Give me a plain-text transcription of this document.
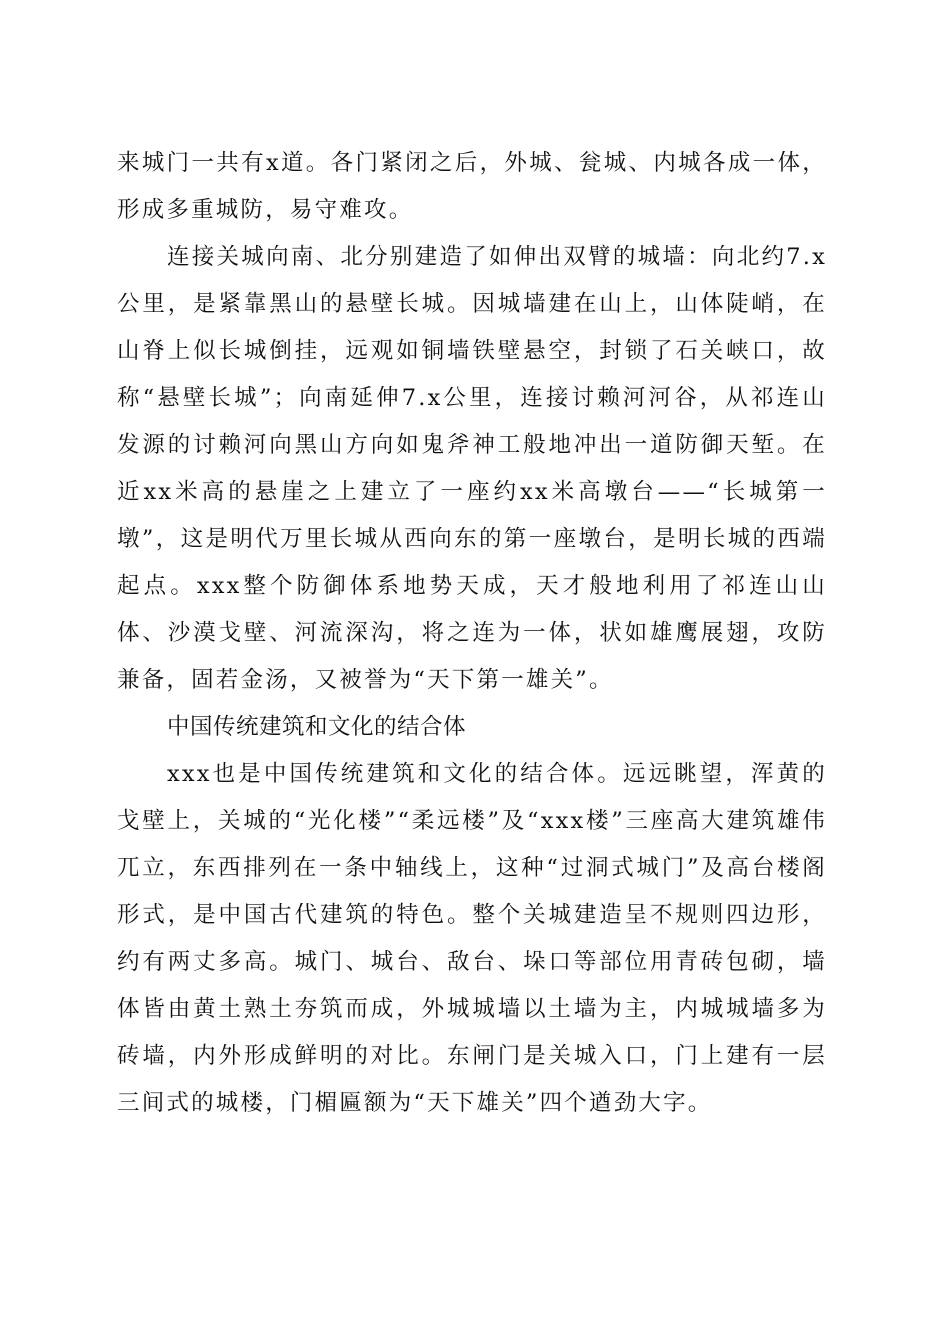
来城门一共有x道。各门紧闭之后，外城、瓮城、内城各成一体，形成多重城防，易守难攻。

连接关城向南、北分别建造了如伸出双臂的城墙：向北约7.x公里，是紧靠黑山的悬壁长城。因城墙建在山上，山体陡峭，在山脊上似长城倒挂，远观如铜墙铁壁悬空，封锁了石关峡口，故称“悬壁长城”；向南延伸7.x公里，连接讨赖河河谷，从祁连山发源的讨赖河向黑山方向如鬼斧神工般地冲出一道防御天堑。在近xx米高的悬崖之上建立了一座约xx米高墩台——“长城第一墩”，这是明代万里长城从西向东的第一座墩台，是明长城的西端起点。xxx整个防御体系地势天成，天才般地利用了祁连山山体、沙漠戈壁、河流深沟，将之连为一体，状如雄鹰展翅，攻防兼备，固若金汤，又被誉为“天下第一雄关”。

中国传统建筑和文化的结合体

xxx也是中国传统建筑和文化的结合体。远远眺望，浑黄的戈壁上，关城的“光化楼”“柔远楼”及“xxx楼”三座高大建筑雄伟兀立，东西排列在一条中轴线上，这种“过洞式城门”及高台楼阁形式，是中国古代建筑的特色。整个关城建造呈不规则四边形，约有两丈多高。城门、城台、敌台、垛口等部位用青砖包砌，墙体皆由黄土熟土夯筑而成，外城城墙以土墙为主，内城城墙多为砖墙，内外形成鲜明的对比。东闸门是关城入口，门上建有一层三间式的城楼，门楣匾额为“天下雄关”四个遒劲大字。
